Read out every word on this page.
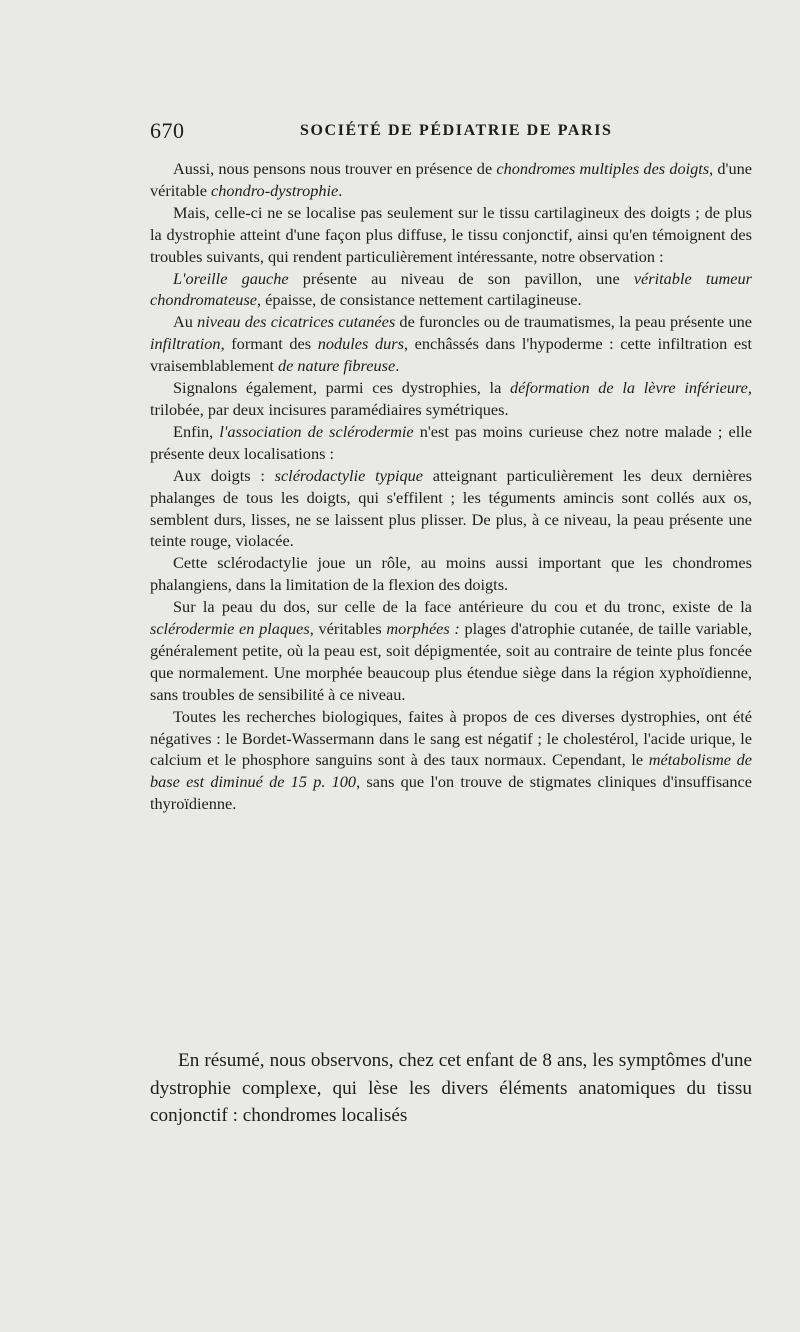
670	SOCIÉTÉ DE PÉDIATRIE DE PARIS

Aussi, nous pensons nous trouver en présence de chondromes multiples des doigts, d'une véritable chondro-dystrophie.

Mais, celle-ci ne se localise pas seulement sur le tissu cartilagineux des doigts ; de plus la dystrophie atteint d'une façon plus diffuse, le tissu conjonctif, ainsi qu'en témoignent des troubles suivants, qui rendent particulièrement intéressante, notre observation :

L'oreille gauche présente au niveau de son pavillon, une véritable tumeur chondromateuse, épaisse, de consistance nettement cartilagineuse.

Au niveau des cicatrices cutanées de furoncles ou de traumatismes, la peau présente une infiltration, formant des nodules durs, enchâssés dans l'hypoderme : cette infiltration est vraisemblablement de nature fibreuse.

Signalons également, parmi ces dystrophies, la déformation de la lèvre inférieure, trilobée, par deux incisures paramédiaires symétriques.

Enfin, l'association de sclérodermie n'est pas moins curieuse chez notre malade ; elle présente deux localisations :

Aux doigts : sclérodactylie typique atteignant particulièrement les deux dernières phalanges de tous les doigts, qui s'effilent ; les téguments amincis sont collés aux os, semblent durs, lisses, ne se laissent plus plisser. De plus, à ce niveau, la peau présente une teinte rouge, violacée.

Cette sclérodactylie joue un rôle, au moins aussi important que les chondromes phalangiens, dans la limitation de la flexion des doigts.

Sur la peau du dos, sur celle de la face antérieure du cou et du tronc, existe de la sclérodermie en plaques, véritables morphées : plages d'atrophie cutanée, de taille variable, généralement petite, où la peau est, soit dépigmentée, soit au contraire de teinte plus foncée que normalement. Une morphée beaucoup plus étendue siège dans la région xyphoïdienne, sans troubles de sensibilité à ce niveau.

Toutes les recherches biologiques, faites à propos de ces diverses dystrophies, ont été négatives : le Bordet-Wassermann dans le sang est négatif ; le cholestérol, l'acide urique, le calcium et le phosphore sanguins sont à des taux normaux. Cependant, le métabolisme de base est diminué de 15 p. 100, sans que l'on trouve de stigmates cliniques d'insuffisance thyroïdienne.

En résumé, nous observons, chez cet enfant de 8 ans, les symptômes d'une dystrophie complexe, qui lèse les divers éléments anatomiques du tissu conjonctif : chondromes localisés
